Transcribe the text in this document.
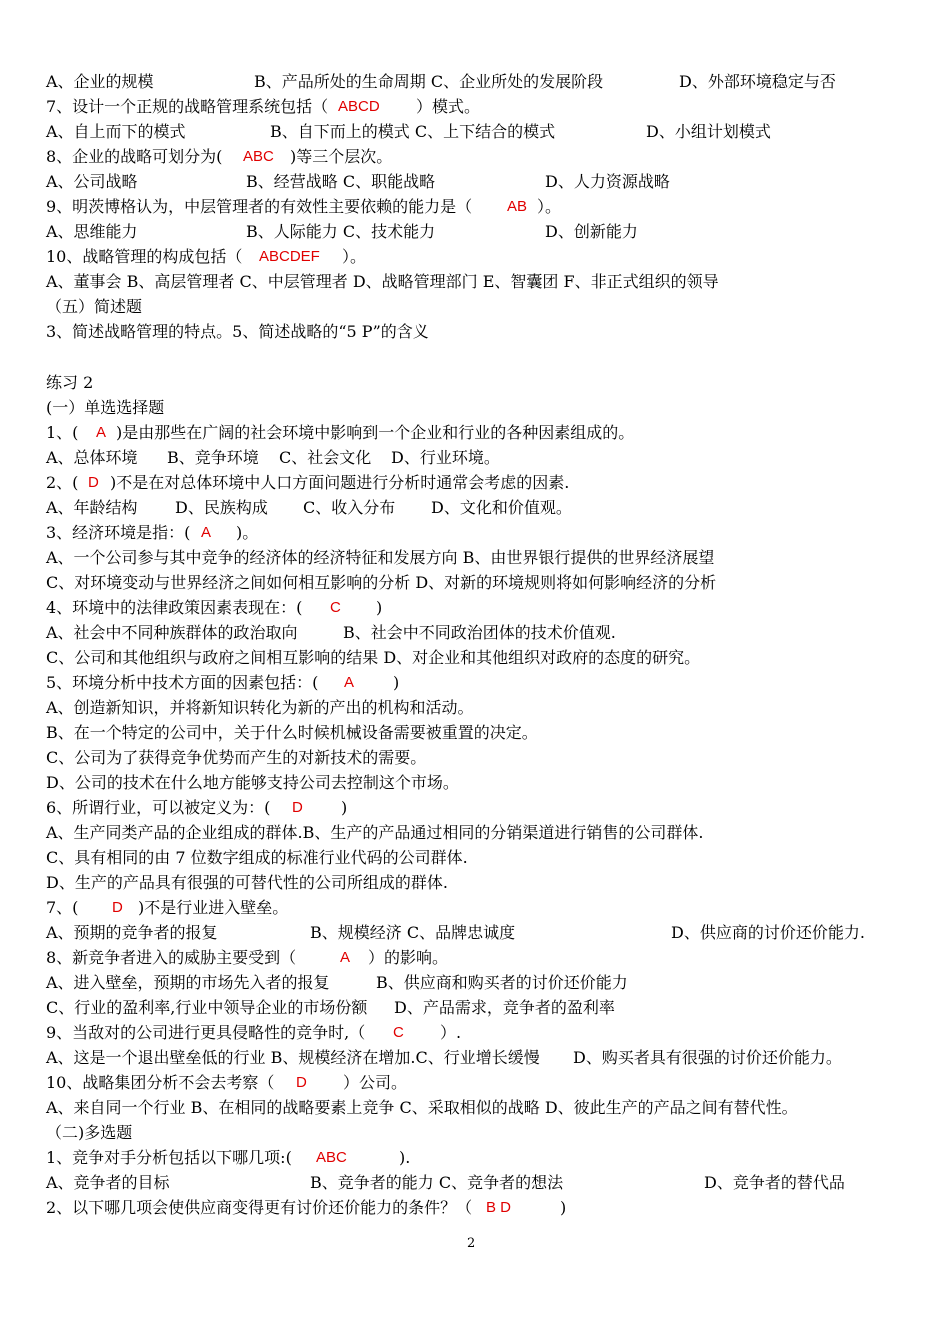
A、企业的规模	B、产品所处的生命周期 C、企业所处的发展阶段	D、外部环境稳定与否
7、设计一个正规的战略管理系统包括（ ABCD ）模式。
A、自上而下的模式	B、自下而上的模式 C、上下结合的模式	D、小组计划模式
8、企业的战略可划分为( ABC )等三个层次。
A、公司战略	B、经营战略 C、职能战略	D、人力资源战略
9、明茨博格认为，中层管理者的有效性主要依赖的能力是（ AB ）。
A、思维能力	B、人际能力 C、技术能力	D、创新能力
10、战略管理的构成包括（ ABCDEF ）。
A、董事会 B、高层管理者 C、中层管理者 D、战略管理部门 E、智囊团 F、非正式组织的领导
（五）简述题
3、简述战略管理的特点。5、简述战略的“5 P”的含义
练习 2
(一）单选选择题
1、( A )是由那些在广阔的社会环境中影响到一个企业和行业的各种因素组成的。
A、总体环境 B、竞争环境 C、社会文化 D、行业环境。
2、( D )不是在对总体环境中人口方面问题进行分析时通常会考虑的因素.
A、年龄结构 D、民族构成 C、收入分布 D、文化和价值观。
3、经济环境是指：( A )。
A、一个公司参与其中竞争的经济体的经济特征和发展方向 B、由世界银行提供的世界经济展望
C、对环境变动与世界经济之间如何相互影响的分析 D、对新的环境规则将如何影响经济的分析
4、环境中的法律政策因素表现在：( C )
A、社会中不同种族群体的政治取向	B、社会中不同政治团体的技术价值观.
C、公司和其他组织与政府之间相互影响的结果 D、对企业和其他组织对政府的态度的研究。
5、环境分析中技术方面的因素包括：( A )
A、创造新知识，并将新知识转化为新的产出的机构和活动。
B、在一个特定的公司中，关于什么时候机械设备需要被重置的决定。
C、公司为了获得竞争优势而产生的对新技术的需要。
D、公司的技术在什么地方能够支持公司去控制这个市场。
6、所谓行业，可以被定义为：( D )
A、生产同类产品的企业组成的群体.B、生产的产品通过相同的分销渠道进行销售的公司群体.
C、具有相同的由 7 位数字组成的标准行业代码的公司群体.
D、生产的产品具有很强的可替代性的公司所组成的群体.
7、( D )不是行业进入壁垒。
A、预期的竞争者的报复	B、规模经济 C、品牌忠诚度	D、供应商的讨价还价能力.
8、新竞争者进入的威胁主要受到（	A ）的影响。
A、进入壁垒，预期的市场先入者的报复	B、供应商和购买者的讨价还价能力
C、行业的盈利率,行业中领导企业的市场份额 D、产品需求，竞争者的盈利率
9、当敌对的公司进行更具侵略性的竞争时,（ C ）.
A、这是一个退出壁垒低的行业 B、规模经济在增加.C、行业增长缓慢 D、购买者具有很强的讨价还价能力。
10、战略集团分析不会去考察（ D ）公司。
A、来自同一个行业 B、在相同的战略要素上竞争 C、采取相似的战略 D、彼此生产的产品之间有替代性。
（二)多选题
1、竞争对手分析包括以下哪几项:( ABC	).
A、竞争者的目标	B、竞争者的能力 C、竞争者的想法	D、竞争者的替代品
2、以下哪几项会使供应商变得更有讨价还价能力的条件？（ B D	)
2
